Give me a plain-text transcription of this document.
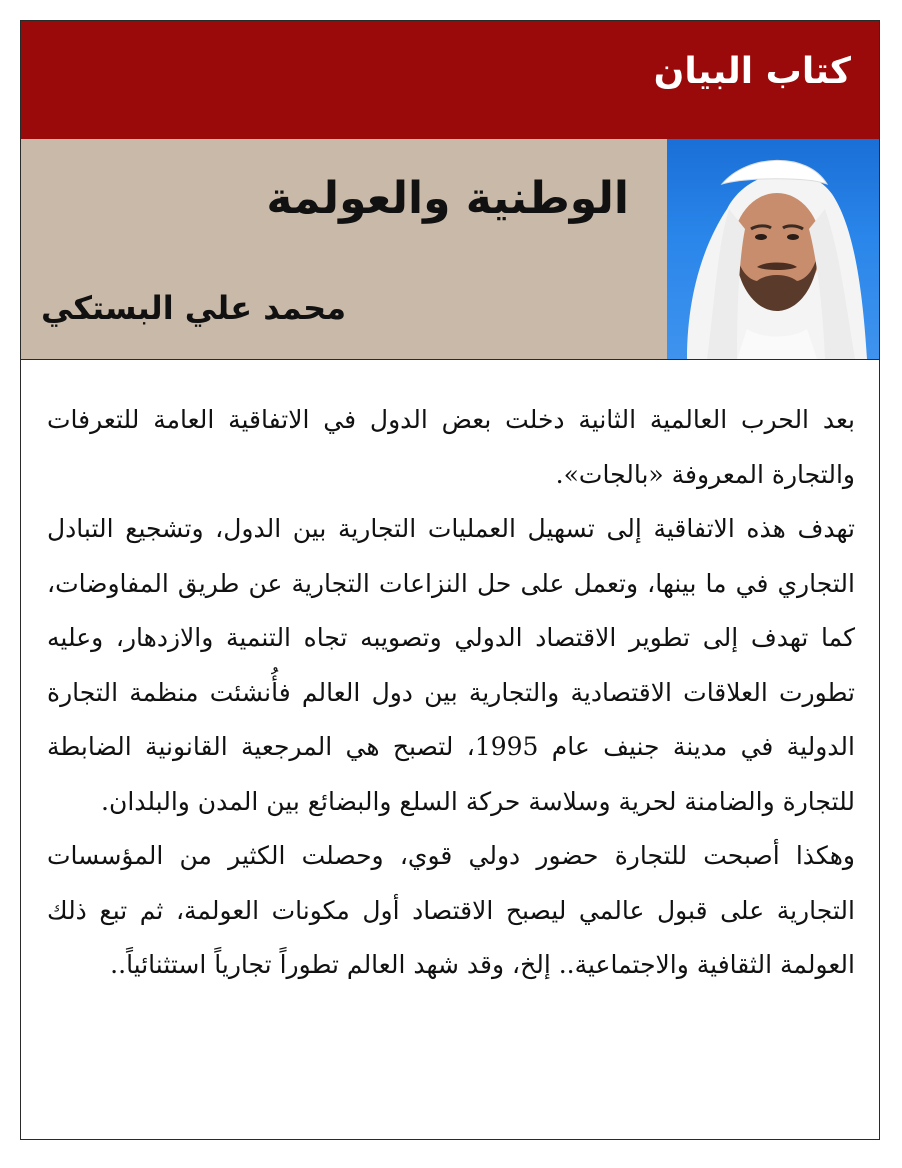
كتاب البيان
الوطنية والعولمة
محمد علي البستكي

بعد الحرب العالمية الثانية دخلت بعض الدول في الاتفاقية العامة للتعرفات والتجارة المعروفة «بالجات».

تهدف هذه الاتفاقية إلى تسهيل العمليات التجارية بين الدول، وتشجيع التبادل التجاري في ما بينها، وتعمل على حل النزاعات التجارية عن طريق المفاوضات، كما تهدف إلى تطوير الاقتصاد الدولي وتصويبه تجاه التنمية والازدهار، وعليه تطورت العلاقات الاقتصادية والتجارية بين دول العالم فأُنشئت منظمة التجارة الدولية في مدينة جنيف عام 1995، لتصبح هي المرجعية القانونية الضابطة للتجارة والضامنة لحرية وسلاسة حركة السلع والبضائع بين المدن والبلدان.

وهكذا أصبحت للتجارة حضور دولي قوي، وحصلت الكثير من المؤسسات التجارية على قبول عالمي ليصبح الاقتصاد أول مكونات العولمة، ثم تبع ذلك العولمة الثقافية والاجتماعية.. إلخ، وقد شهد العالم تطوراً تجارياً استثنائياً..
